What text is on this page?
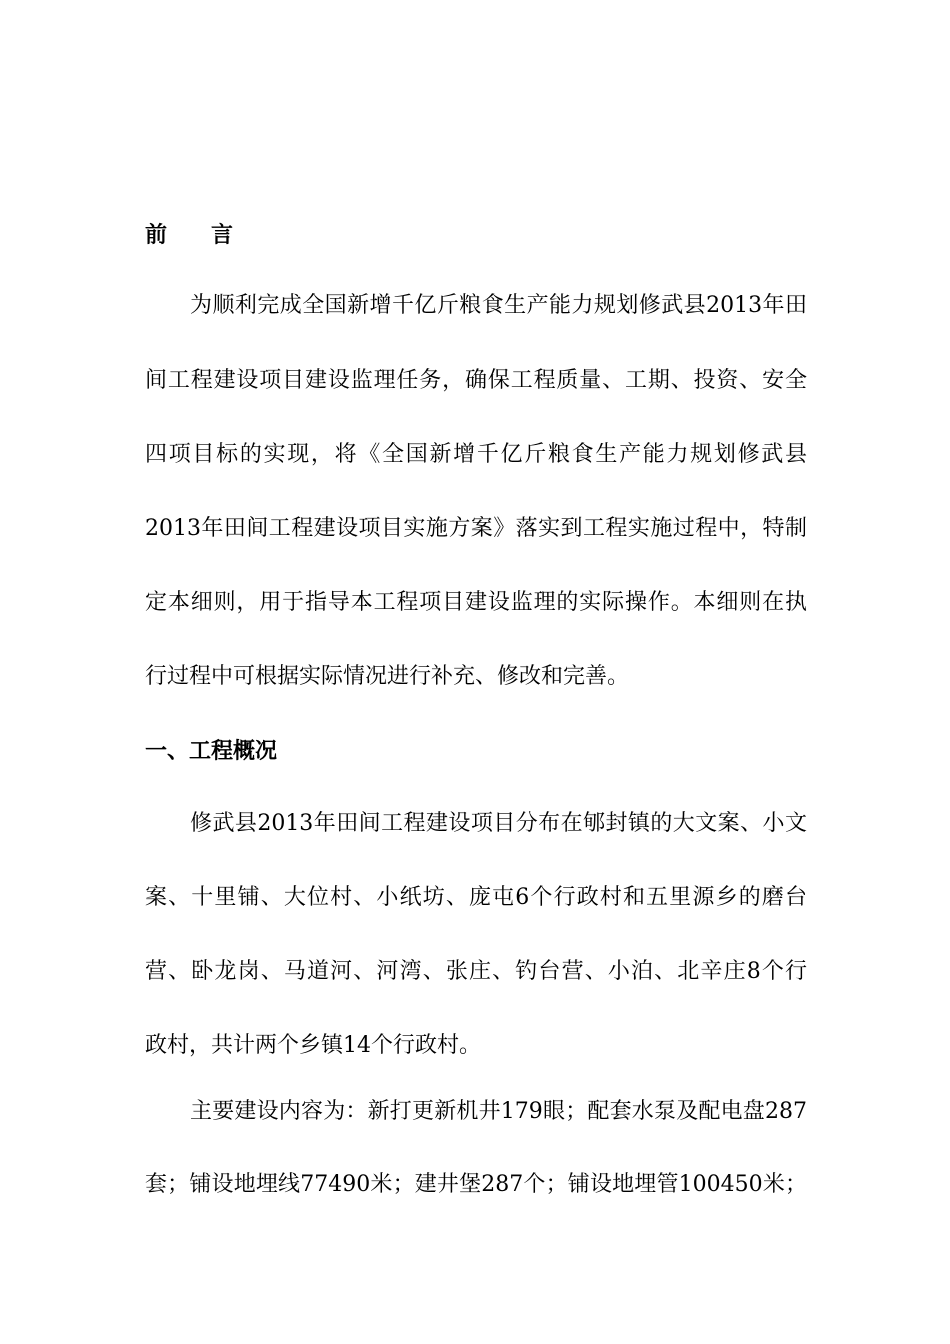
前　　言
为顺利完成全国新增千亿斤粮食生产能力规划修武县2013年田
间工程建设项目建设监理任务，确保工程质量、工期、投资、安全
四项目标的实现，将《全国新增千亿斤粮食生产能力规划修武县
2013年田间工程建设项目实施方案》落实到工程实施过程中，特制
定本细则，用于指导本工程项目建设监理的实际操作。本细则在执
行过程中可根据实际情况进行补充、修改和完善。
一、工程概况
修武县2013年田间工程建设项目分布在郇封镇的大文案、小文
案、十里铺、大位村、小纸坊、庞屯6个行政村和五里源乡的磨台
营、卧龙岗、马道河、河湾、张庄、钓台营、小泊、北辛庄8个行
政村，共计两个乡镇14个行政村。
主要建设内容为：新打更新机井179眼；配套水泵及配电盘287
套；铺设地埋线77490米；建井堡287个；铺设地埋管100450米；
